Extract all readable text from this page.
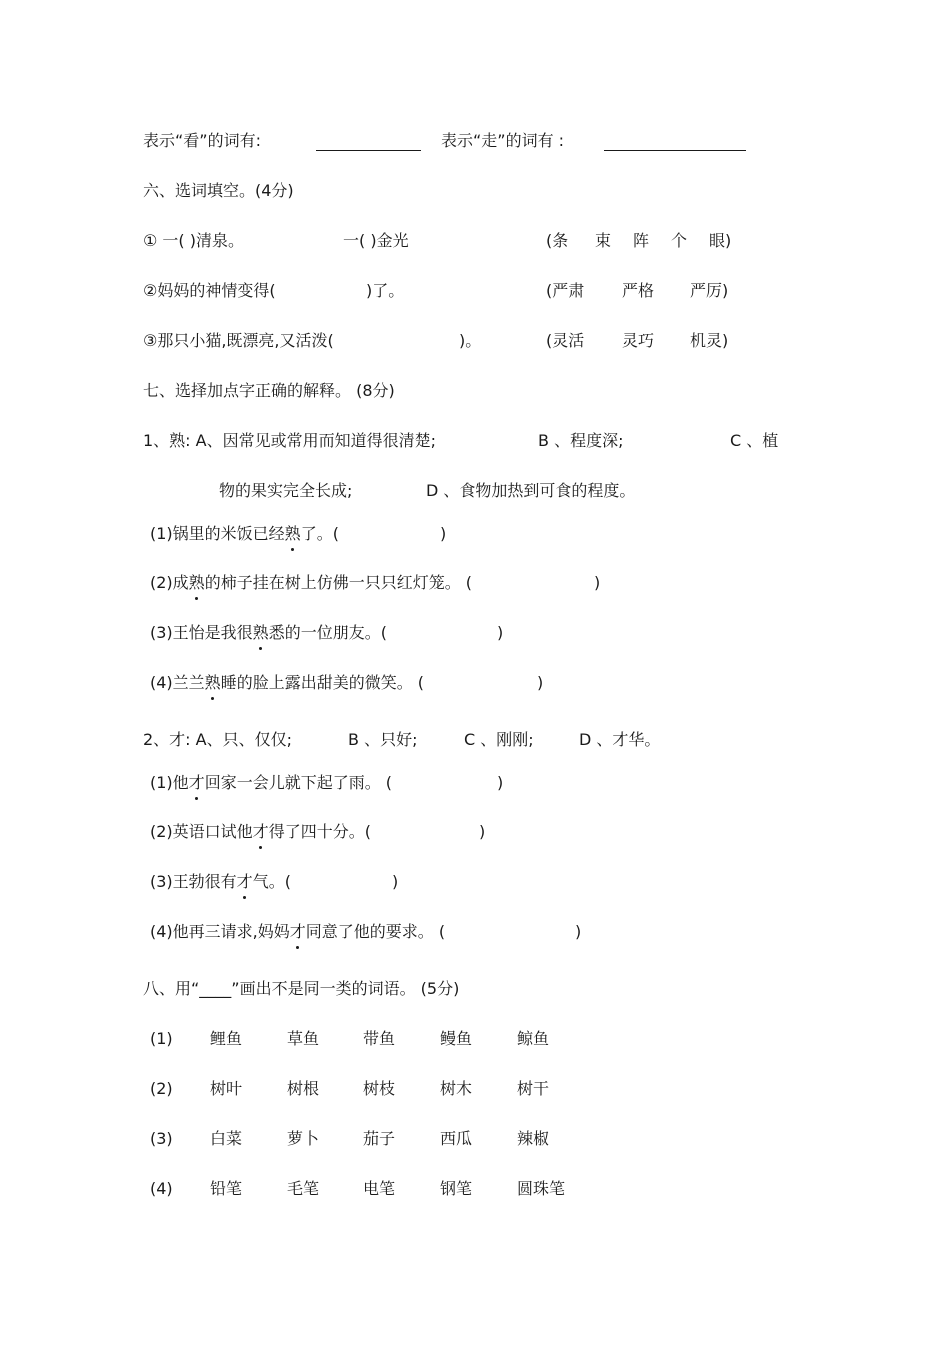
表示“看”的词有:	表示“走”的词有 :
六、选词填空。(4分)
① 一( )清泉。	一( )金光	(条 束 阵 个 眼)
②妈妈的神情变得(	)了。	(严肃 严格 严厉)
③那只小猫,既漂亮,又活泼(	)。	(灵活 灵巧 机灵)
七、选择加点字正确的解释。 (8分)
1、熟: A、因常见或常用而知道得很清楚;	B 、程度深;	C 、植
物的果实完全长成;	D 、食物加热到可食的程度。
(1)锅里的米饭已经熟了。(	)
(2)成熟的柿子挂在树上仿佛一只只红灯笼。 (	)
(3)王怡是我很熟悉的一位朋友。(	)
(4)兰兰熟睡的脸上露出甜美的微笑。 (	)
2、才: A、只、仅仅;	B 、只好;	C 、刚刚;	D 、才华。
(1)他才回家一会儿就下起了雨。 (	)
(2)英语口试他才得了四十分。(	)
(3)王勃很有才气。(	)
(4)他再三请求,妈妈才同意了他的要求。 (	)
八、用“____”画出不是同一类的词语。 (5分)
(1) 鲤鱼	草鱼	带鱼	鳗鱼	鲸鱼
(2) 树叶	树根	树枝	树木	树干
(3) 白菜	萝卜	茄子	西瓜	辣椒
(4) 铅笔	毛笔	电笔	钢笔	圆珠笔
